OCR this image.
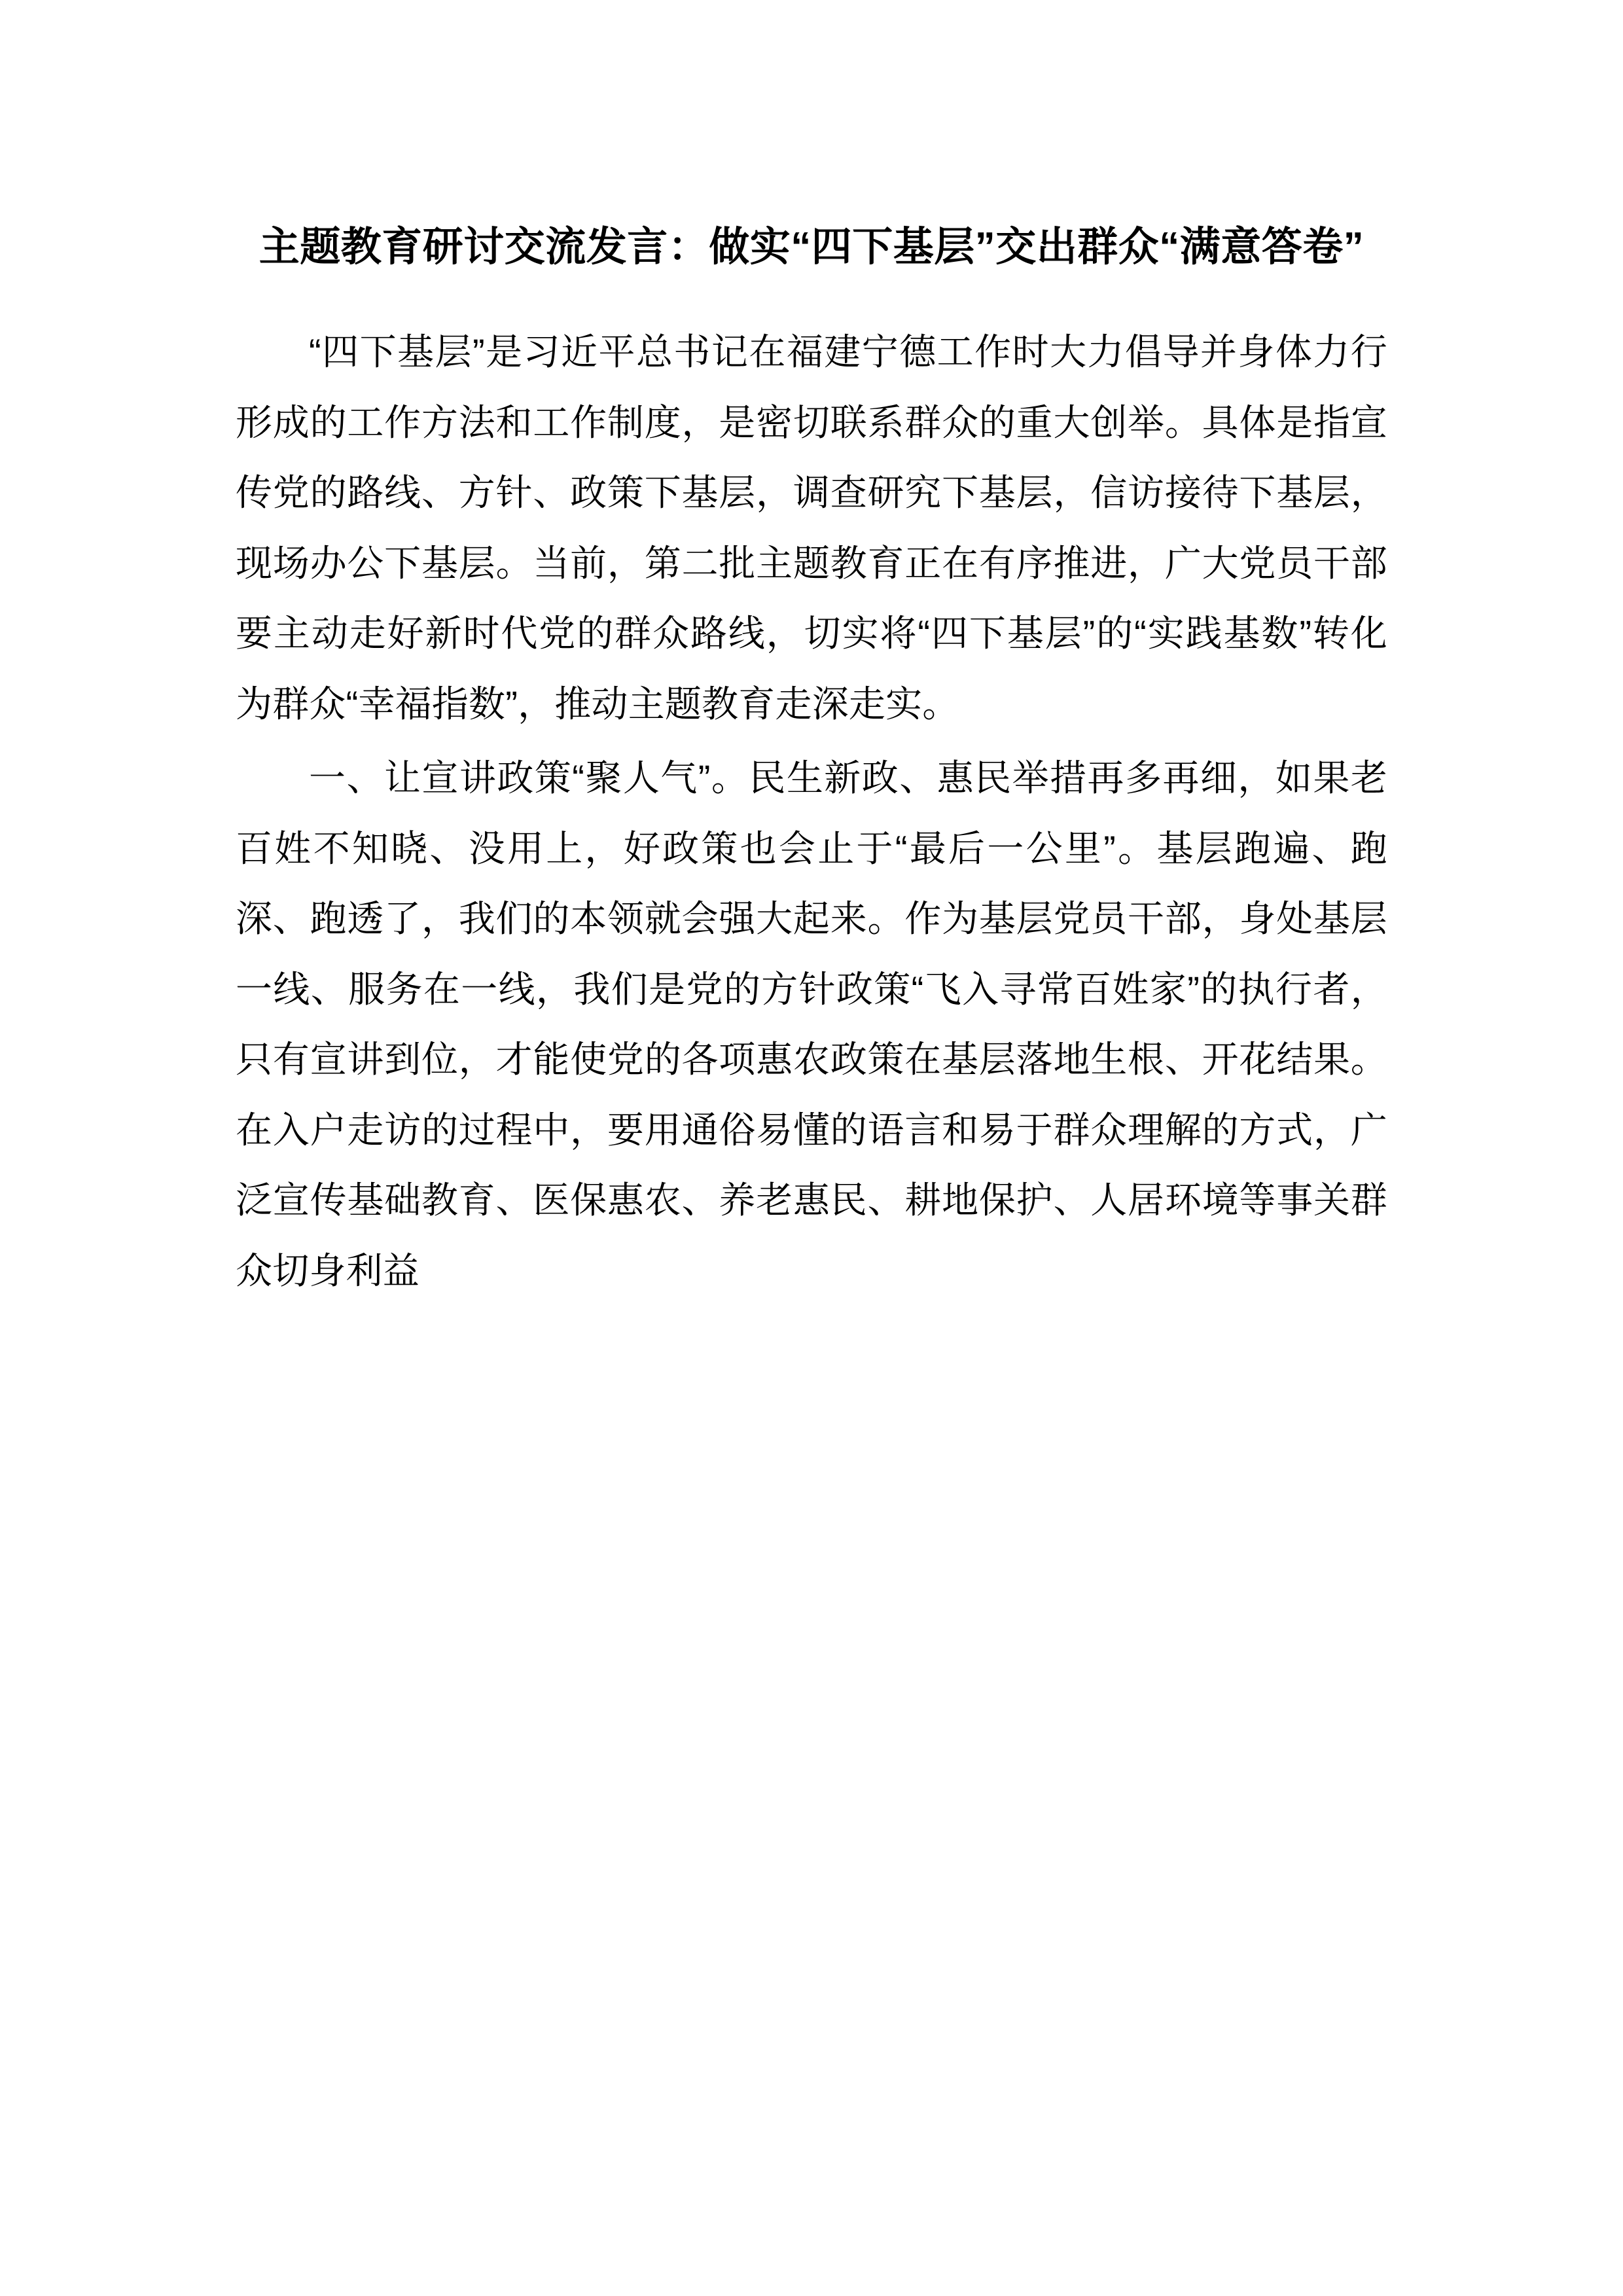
主题教育研讨交流发言：做实“四下基层”交出群众“满意答卷”

“四下基层”是习近平总书记在福建宁德工作时大力倡导并身体力行形成的工作方法和工作制度，是密切联系群众的重大创举。具体是指宣传党的路线、方针、政策下基层，调查研究下基层，信访接待下基层，现场办公下基层。当前，第二批主题教育正在有序推进，广大党员干部要主动走好新时代党的群众路线，切实将“四下基层”的“实践基数”转化为群众“幸福指数”，推动主题教育走深走实。

一、让宣讲政策“聚人气”。民生新政、惠民举措再多再细，如果老百姓不知晓、没用上，好政策也会止于“最后一公里”。基层跑遍、跑深、跑透了，我们的本领就会强大起来。作为基层党员干部，身处基层一线、服务在一线，我们是党的方针政策“飞入寻常百姓家”的执行者，只有宣讲到位，才能使党的各项惠农政策在基层落地生根、开花结果。在入户走访的过程中，要用通俗易懂的语言和易于群众理解的方式，广泛宣传基础教育、医保惠农、养老惠民、耕地保护、人居环境等事关群众切身利益
